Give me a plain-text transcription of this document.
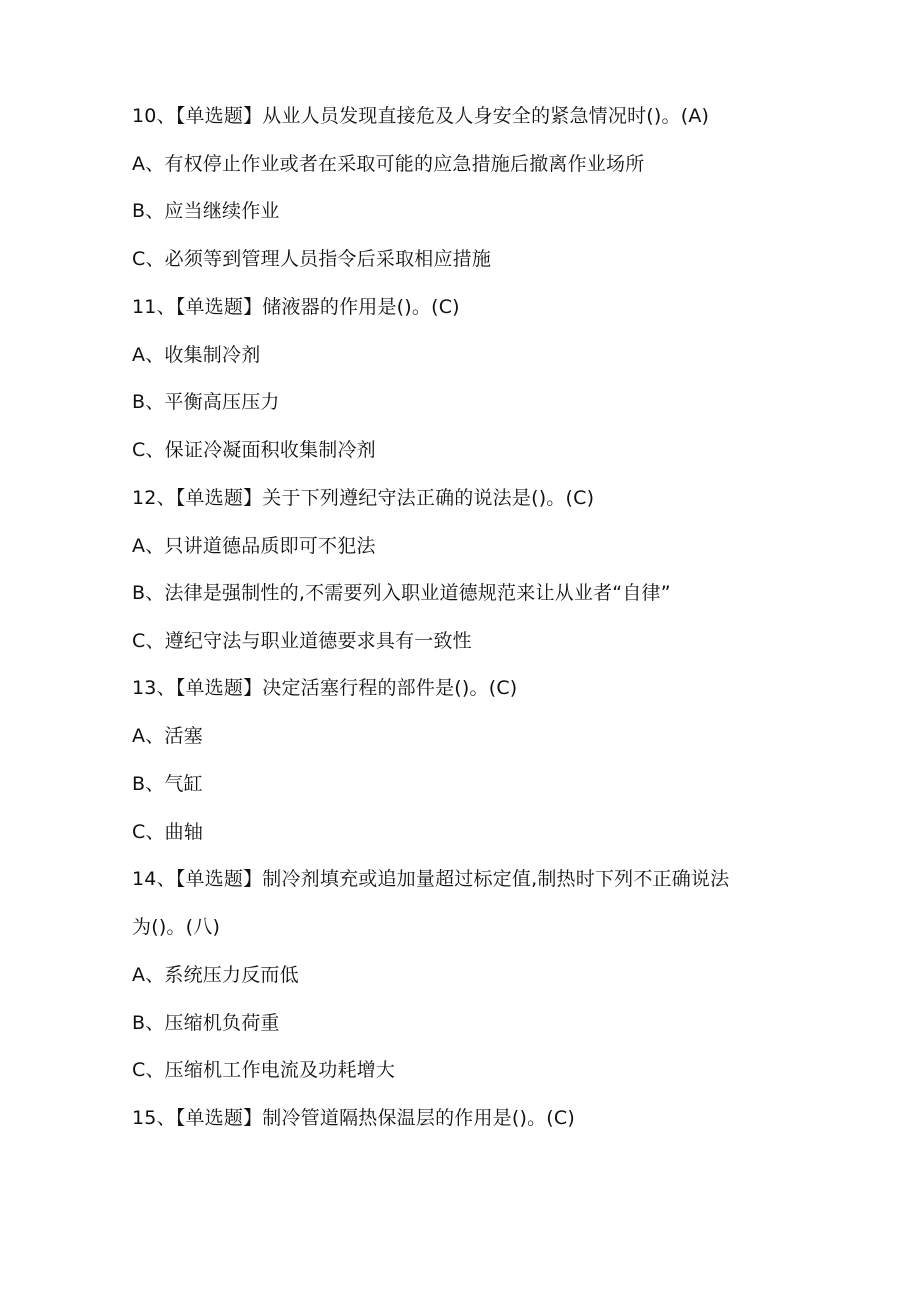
10、【单选题】从业人员发现直接危及人身安全的紧急情况时()。(A)
A、有权停止作业或者在采取可能的应急措施后撤离作业场所
B、应当继续作业
C、必须等到管理人员指令后采取相应措施
11、【单选题】储液器的作用是()。(C)
A、收集制冷剂
B、平衡高压压力
C、保证冷凝面积收集制冷剂
12、【单选题】关于下列遵纪守法正确的说法是()。(C)
A、只讲道德品质即可不犯法
B、法律是强制性的,不需要列入职业道德规范来让从业者“自律”
C、遵纪守法与职业道德要求具有一致性
13、【单选题】决定活塞行程的部件是()。(C)
A、活塞
B、气缸
C、曲轴
14、【单选题】制冷剂填充或追加量超过标定值,制热时下列不正确说法
为()。(八)
A、系统压力反而低
B、压缩机负荷重
C、压缩机工作电流及功耗增大
15、【单选题】制冷管道隔热保温层的作用是()。(C)
